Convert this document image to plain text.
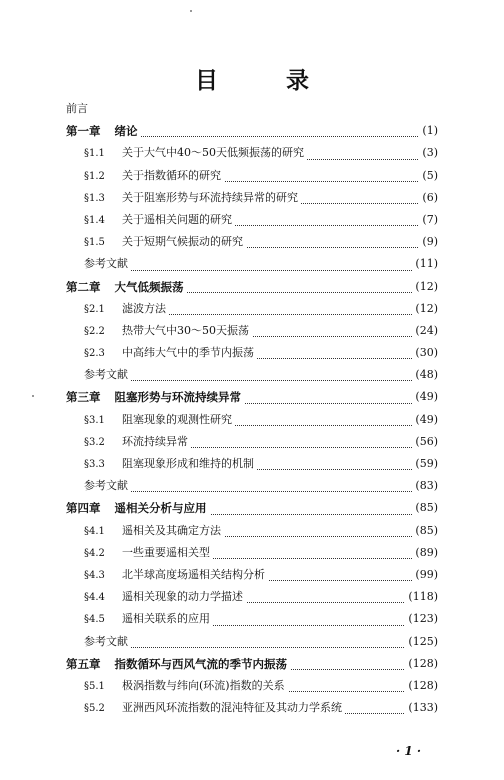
目 录
前言
第一章 绪论	(1)
§1.1 关于大气中40～50天低频振荡的研究	(3)
§1.2 关于指数循环的研究	(5)
§1.3 关于阻塞形势与环流持续异常的研究	(6)
§1.4 关于遥相关问题的研究	(7)
§1.5 关于短期气候振动的研究	(9)
参考文献	(11)
第二章 大气低频振荡	(12)
§2.1 滤波方法	(12)
§2.2 热带大气中30～50天振荡	(24)
§2.3 中高纬大气中的季节内振荡	(30)
参考文献	(48)
第三章 阻塞形势与环流持续异常	(49)
§3.1 阻塞现象的观测性研究	(49)
§3.2 环流持续异常	(56)
§3.3 阻塞现象形成和维持的机制	(59)
参考文献	(83)
第四章 遥相关分析与应用	(85)
§4.1 遥相关及其确定方法	(85)
§4.2 一些重要遥相关型	(89)
§4.3 北半球高度场遥相关结构分析	(99)
§4.4 遥相关现象的动力学描述	(118)
§4.5 遥相关联系的应用	(123)
参考文献	(125)
第五章 指数循环与西风气流的季节内振荡	(128)
§5.1 极涡指数与纬向(环流)指数的关系	(128)
§5.2 亚洲西风环流指数的混沌特征及其动力学系统	(133)
· 1 ·
